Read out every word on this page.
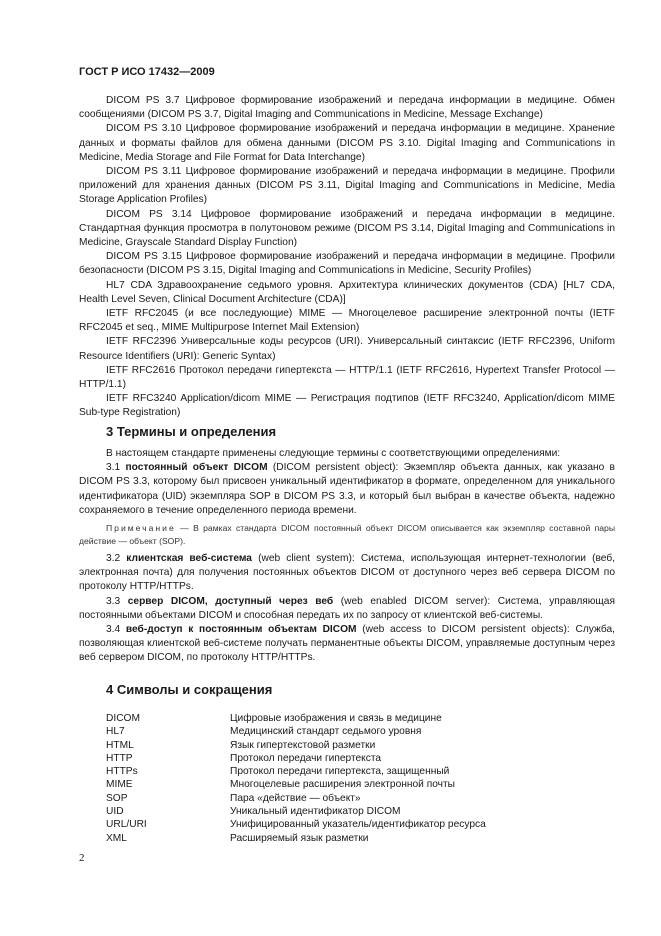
ГОСТ Р ИСО 17432—2009

DICOM PS 3.7 Цифровое формирование изображений и передача информации в медицине. Обмен сообщениями (DICOM PS 3.7, Digital Imaging and Communications in Medicine, Message Exchange)

DICOM PS 3.10 Цифровое формирование изображений и передача информации в медицине. Хранение данных и форматы файлов для обмена данными (DICOM PS 3.10. Digital Imaging and Communications in Medicine, Media Storage and File Format for Data Interchange)

DICOM PS 3.11 Цифровое формирование изображений и передача информации в медицине. Профили приложений для хранения данных (DICOM PS 3.11, Digital Imaging and Communications in Medicine, Media Storage Application Profiles)

DICOM PS 3.14 Цифровое формирование изображений и передача информации в медицине. Стандартная функция просмотра в полутоновом режиме (DICOM PS 3.14, Digital Imaging and Communications in Medicine, Grayscale Standard Display Function)

DICOM PS 3.15 Цифровое формирование изображений и передача информации в медицине. Профили безопасности (DICOM PS 3.15, Digital Imaging and Communications in Medicine, Security Profiles)

HL7 CDA Здравоохранение седьмого уровня. Архитектура клинических документов (CDA) [HL7 CDA, Health Level Seven, Clinical Document Architecture (CDA)]

IETF RFC2045 (и все последующие) MIME — Многоцелевое расширение электронной почты (IETF RFC2045 et seq., MIME Multipurpose Internet Mail Extension)

IETF RFC2396 Универсальные коды ресурсов (URI). Универсальный синтаксис (IETF RFC2396, Uniform Resource Identifiers (URI): Generic Syntax)

IETF RFC2616 Протокол передачи гипертекста — HTTP/1.1 (IETF RFC2616, Hypertext Transfer Protocol — HTTP/1.1)

IETF RFC3240 Application/dicom MIME — Регистрация подтипов (IETF RFC3240, Application/dicom MIME Sub-type Registration)

3 Термины и определения

В настоящем стандарте применены следующие термины с соответствующими определениями:

3.1 постоянный объект DICOM (DICOM persistent object): Экземпляр объекта данных, как указано в DICOM PS 3.3, которому был присвоен уникальный идентификатор в формате, определенном для уникального идентификатора (UID) экземпляра SOP в DICOM PS 3.3, и который был выбран в качестве объекта, надежно сохраняемого в течение определенного периода времени.

Примечание — В рамках стандарта DICOM постоянный объект DICOM описывается как экземпляр составной пары действие — объект (SOP).

3.2 клиентская веб-система (web client system): Система, использующая интернет-технологии (веб, электронная почта) для получения постоянных объектов DICOM от доступного через веб сервера DICOM по протоколу HTTP/HTTPs.

3.3 сервер DICOM, доступный через веб (web enabled DICOM server): Система, управляющая постоянными объектами DICOM и способная передать их по запросу от клиентской веб-системы.

3.4 веб-доступ к постоянным объектам DICOM (web access to DICOM persistent objects): Служба, позволяющая клиентской веб-системе получать перманентные объекты DICOM, управляемые доступным через веб сервером DICOM, по протоколу HTTP/HTTPs.

4 Символы и сокращения
DICOM	Цифровые изображения и связь в медицине
HL7	Медицинский стандарт седьмого уровня
HTML	Язык гипертекстовой разметки
HTTP	Протокол передачи гипертекста
HTTPs	Протокол передачи гипертекста, защищенный
MIME	Многоцелевые расширения электронной почты
SOP	Пара «действие — объект»
UID	Уникальный идентификатор DICOM
URL/URI	Унифицированный указатель/идентификатор ресурса
XML	Расширяемый язык разметки
2
